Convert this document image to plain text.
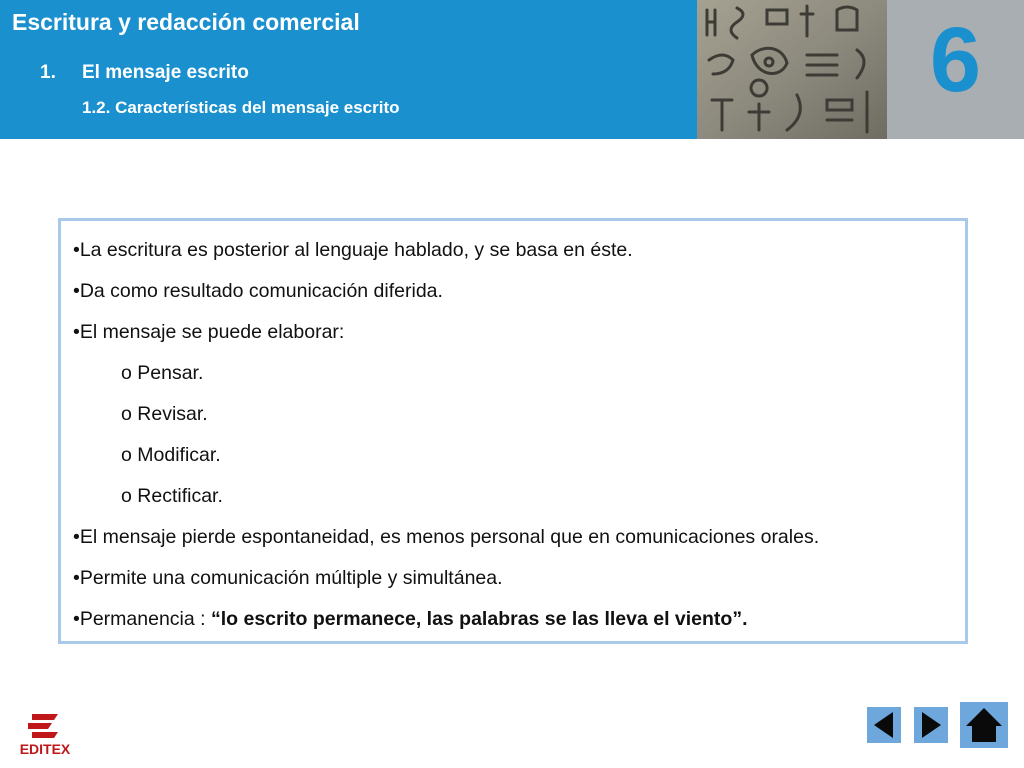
Escritura y redacción comercial
1. El mensaje escrito
1.2. Características del mensaje escrito	6
•La escritura es posterior al lenguaje hablado, y se basa en éste.
•Da como resultado comunicación diferida.
•El mensaje se puede elaborar:
o Pensar.
o Revisar.
o Modificar.
o Rectificar.
•El mensaje pierde espontaneidad, es menos personal que en comunicaciones orales.
•Permite una comunicación múltiple y simultánea.
•Permanencia : “lo escrito permanece, las palabras se las lleva el viento”.
EDITEX
